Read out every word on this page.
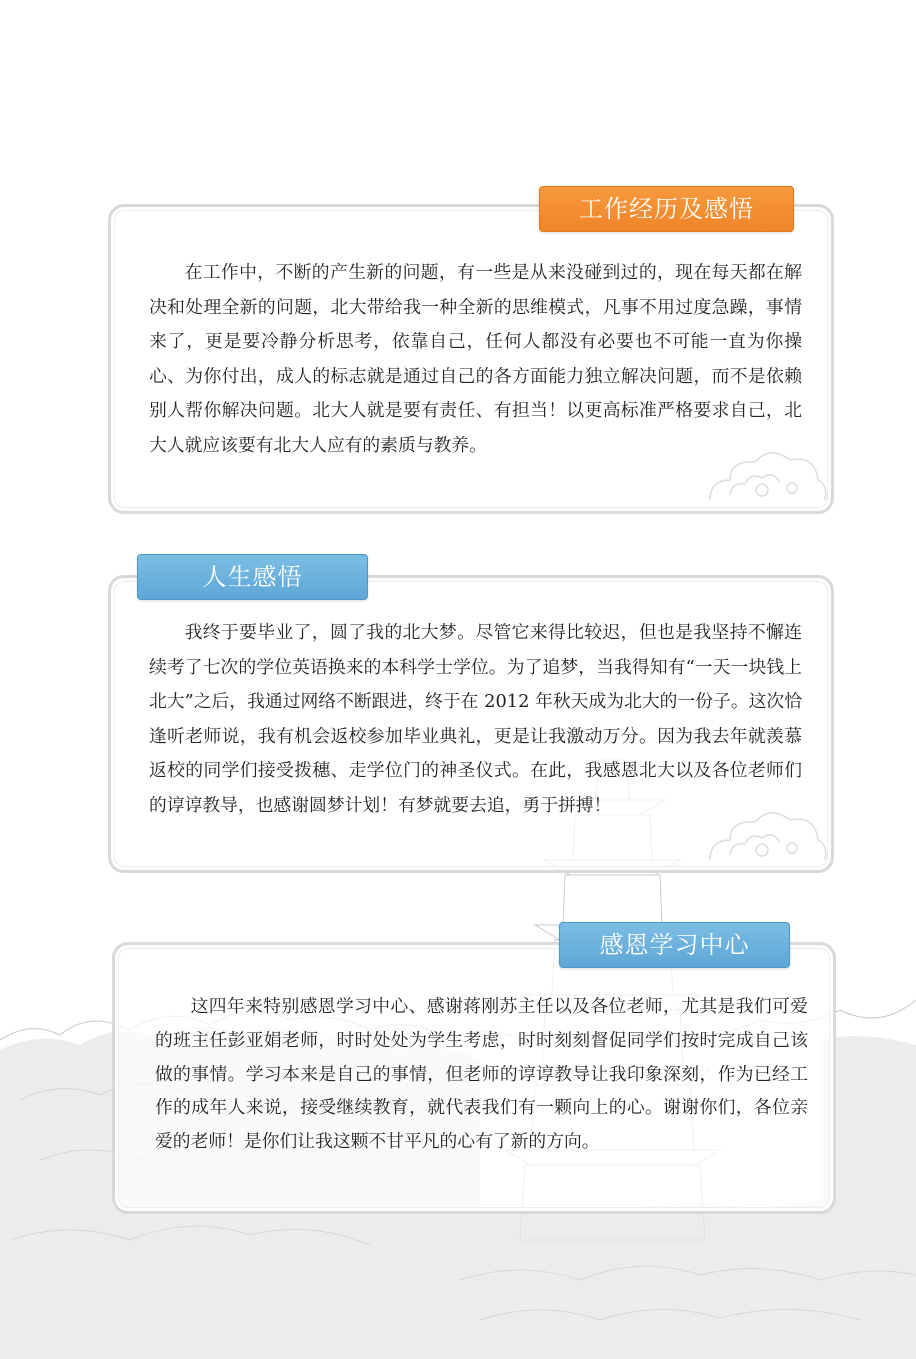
工作经历及感悟

在工作中，不断的产生新的问题，有一些是从来没碰到过的，现在每天都在解决和处理全新的问题，北大带给我一种全新的思维模式，凡事不用过度急躁，事情来了，更是要冷静分析思考，依靠自己，任何人都没有必要也不可能一直为你操心、为你付出，成人的标志就是通过自己的各方面能力独立解决问题，而不是依赖别人帮你解决问题。北大人就是要有责任、有担当！以更高标准严格要求自己，北大人就应该要有北大人应有的素质与教养。

人生感悟

我终于要毕业了，圆了我的北大梦。尽管它来得比较迟，但也是我坚持不懈连续考了七次的学位英语换来的本科学士学位。为了追梦，当我得知有“一天一块钱上北大”之后，我通过网络不断跟进，终于在 2012 年秋天成为北大的一份子。这次恰逢听老师说，我有机会返校参加毕业典礼，更是让我激动万分。因为我去年就羡慕返校的同学们接受拨穗、走学位门的神圣仪式。在此，我感恩北大以及各位老师们的谆谆教导，也感谢圆梦计划！有梦就要去追，勇于拼搏！

感恩学习中心

这四年来特别感恩学习中心、感谢蒋刚苏主任以及各位老师，尤其是我们可爱的班主任彭亚娟老师，时时处处为学生考虑，时时刻刻督促同学们按时完成自己该做的事情。学习本来是自己的事情，但老师的谆谆教导让我印象深刻，作为已经工作的成年人来说，接受继续教育，就代表我们有一颗向上的心。谢谢你们，各位亲爱的老师！是你们让我这颗不甘平凡的心有了新的方向。
